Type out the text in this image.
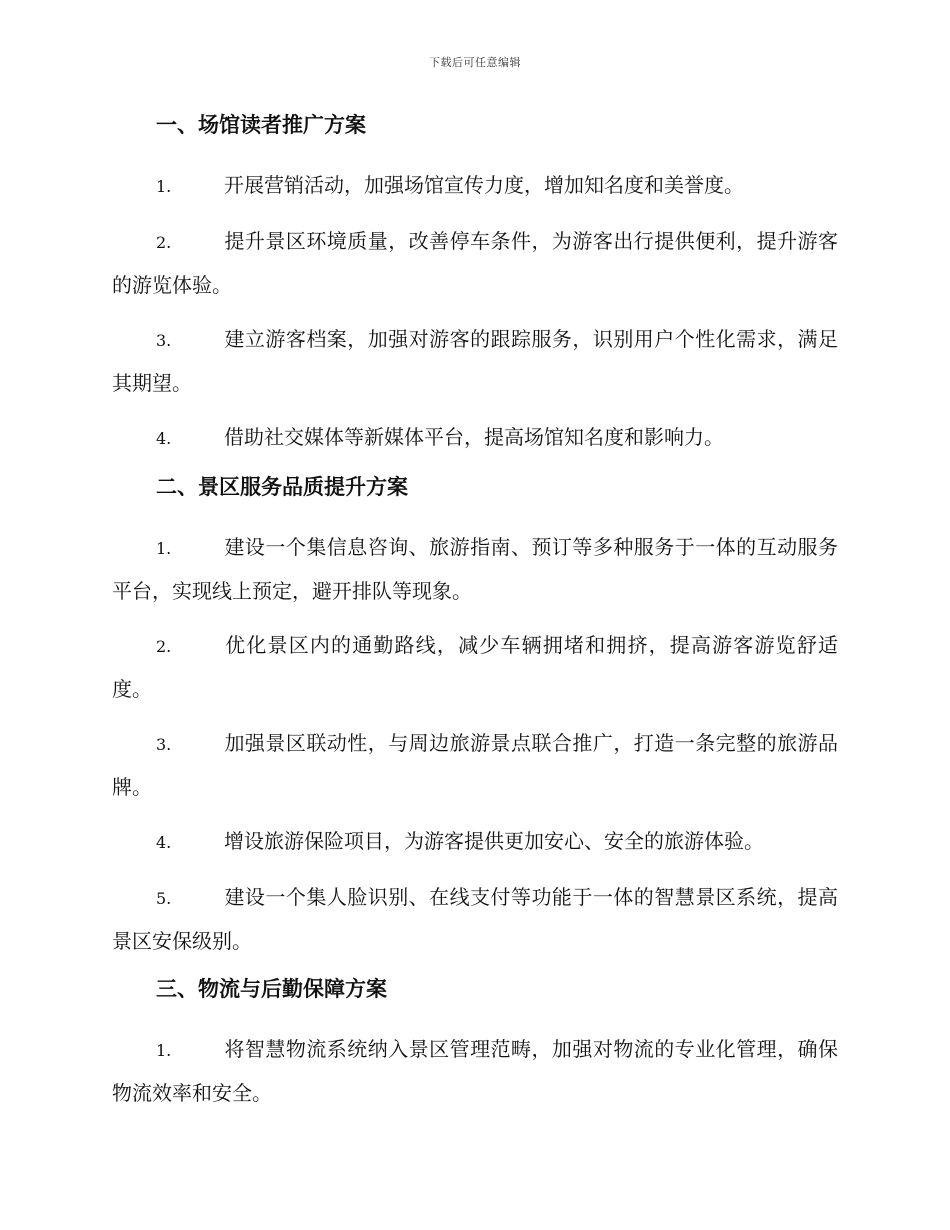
下载后可任意编辑
一、场馆读者推广方案

1.	开展营销活动，加强场馆宣传力度，增加知名度和美誉度。

2.	提升景区环境质量，改善停车条件，为游客出行提供便利，提升游客的游览体验。

3.	建立游客档案，加强对游客的跟踪服务，识别用户个性化需求，满足其期望。

4.	借助社交媒体等新媒体平台，提高场馆知名度和影响力。

二、景区服务品质提升方案

1.	建设一个集信息咨询、旅游指南、预订等多种服务于一体的互动服务平台，实现线上预定，避开排队等现象。

2.	优化景区内的通勤路线，减少车辆拥堵和拥挤，提高游客游览舒适度。

3.	加强景区联动性，与周边旅游景点联合推广，打造一条完整的旅游品牌。

4.	增设旅游保险项目，为游客提供更加安心、安全的旅游体验。

5.	建设一个集人脸识别、在线支付等功能于一体的智慧景区系统，提高景区安保级别。

三、物流与后勤保障方案

1.	将智慧物流系统纳入景区管理范畴，加强对物流的专业化管理，确保物流效率和安全。
